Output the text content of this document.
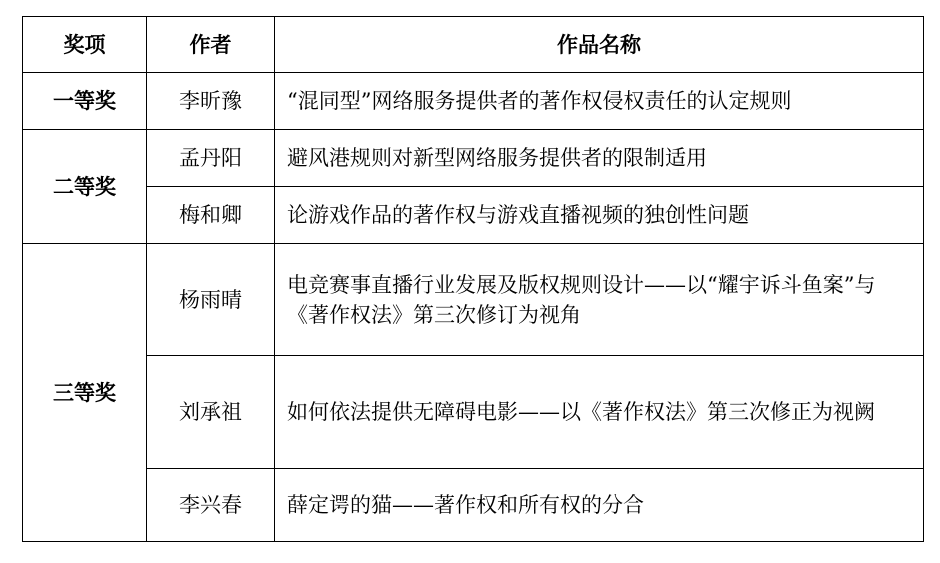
奖项	作者	作品名称
一等奖	李昕豫	“混同型”网络服务提供者的著作权侵权责任的认定规则
二等奖	孟丹阳	避风港规则对新型网络服务提供者的限制适用
	梅和卿	论游戏作品的著作权与游戏直播视频的独创性问题
三等奖	杨雨晴	电竞赛事直播行业发展及版权规则设计——以“耀宇诉斗鱼案”与《著作权法》第三次修订为视角
	刘承祖	如何依法提供无障碍电影——以《著作权法》第三次修正为视阙
	李兴春	薛定谔的猫——著作权和所有权的分合
